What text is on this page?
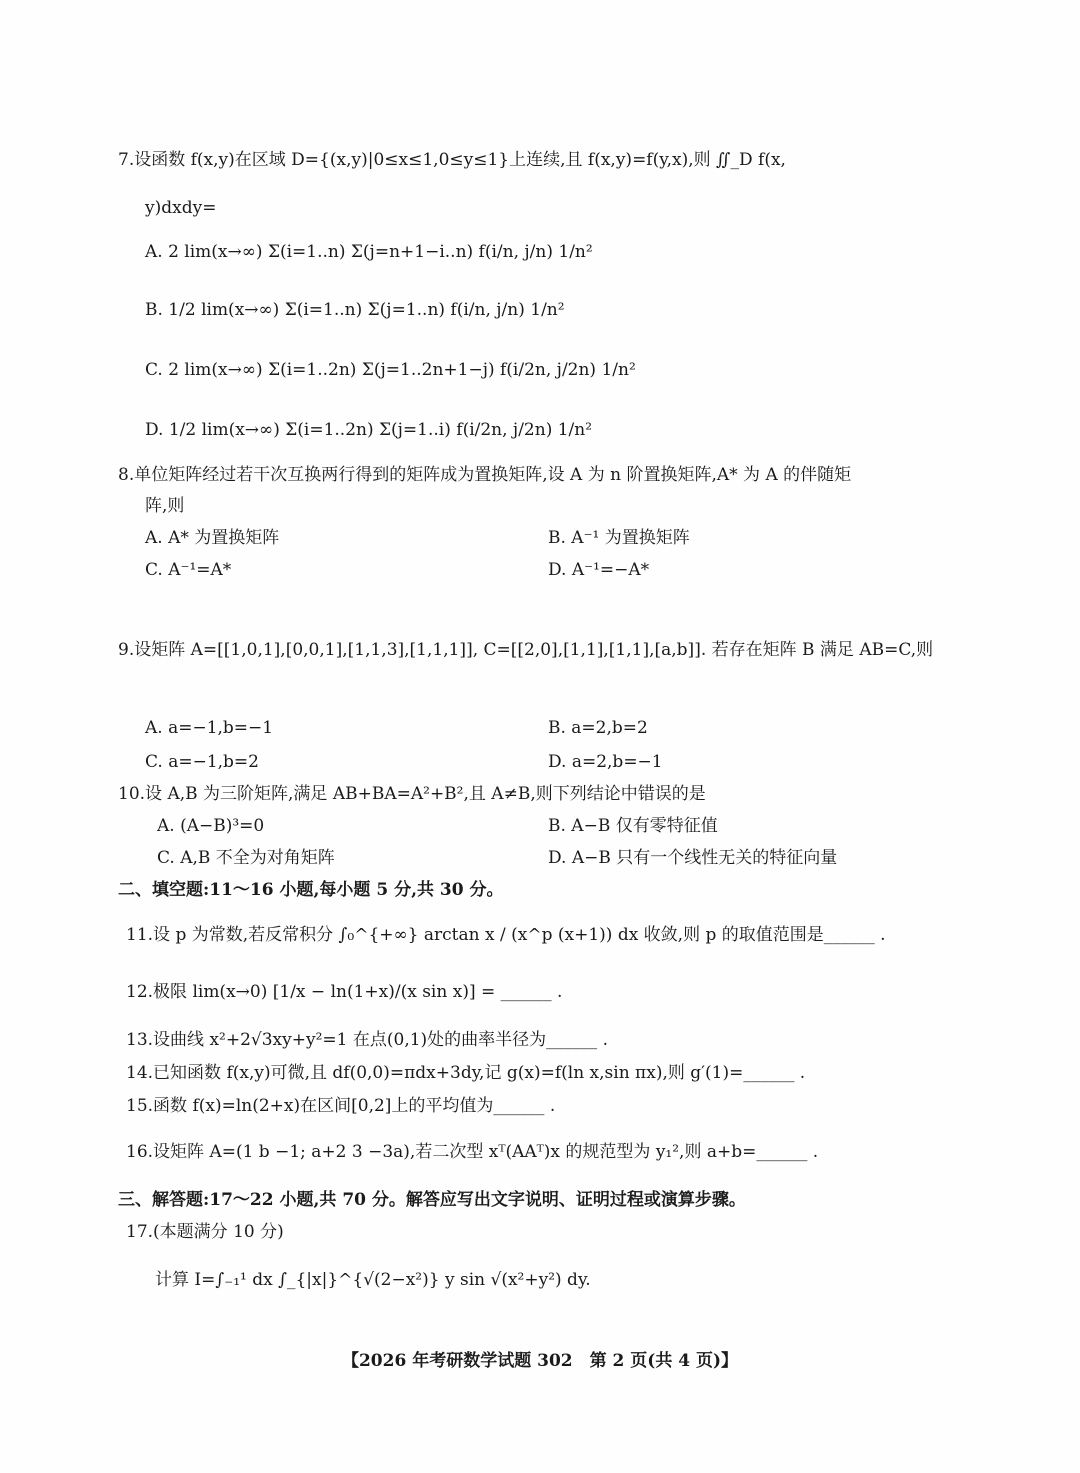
7.设函数 f(x,y)在区域 D={(x,y)|0≤x≤1,0≤y≤1}上连续,且 f(x,y)=f(y,x),则 ∬_D f(x,
y)dxdy=
A. 2 lim(x→∞) Σ(i=1..n) Σ(j=n+1−i..n) f(i/n, j/n) 1/n²
B. 1/2 lim(x→∞) Σ(i=1..n) Σ(j=1..n) f(i/n, j/n) 1/n²
C. 2 lim(x→∞) Σ(i=1..2n) Σ(j=1..2n+1−j) f(i/2n, j/2n) 1/n²
D. 1/2 lim(x→∞) Σ(i=1..2n) Σ(j=1..i) f(i/2n, j/2n) 1/n²
8.单位矩阵经过若干次互换两行得到的矩阵成为置换矩阵,设 A 为 n 阶置换矩阵,A* 为 A 的伴随矩
阵,则
A. A* 为置换矩阵	B. A⁻¹ 为置换矩阵
C. A⁻¹=A*	D. A⁻¹=−A*
9.设矩阵 A=[[1,0,1],[0,0,1],[1,1,3],[1,1,1]], C=[[2,0],[1,1],[1,1],[a,b]]. 若存在矩阵 B 满足 AB=C,则
A. a=−1,b=−1	B. a=2,b=2
C. a=−1,b=2	D. a=2,b=−1
10.设 A,B 为三阶矩阵,满足 AB+BA=A²+B²,且 A≠B,则下列结论中错误的是
A. (A−B)³=0	B. A−B 仅有零特征值
C. A,B 不全为对角矩阵	D. A−B 只有一个线性无关的特征向量
二、填空题:11～16 小题,每小题 5 分,共 30 分。
11.设 p 为常数,若反常积分 ∫₀^{+∞} arctan x / (x^p (x+1)) dx 收敛,则 p 的取值范围是______ .
12.极限 lim(x→0) [1/x − ln(1+x)/(x sin x)] = ______ .
13.设曲线 x²+2√3xy+y²=1 在点(0,1)处的曲率半径为______ .
14.已知函数 f(x,y)可微,且 df(0,0)=πdx+3dy,记 g(x)=f(ln x,sin πx),则 g′(1)=______ .
15.函数 f(x)=ln(2+x)在区间[0,2]上的平均值为______ .
16.设矩阵 A=(1 b −1; a+2 3 −3a),若二次型 xᵀ(AAᵀ)x 的规范型为 y₁²,则 a+b=______ .
三、解答题:17～22 小题,共 70 分。解答应写出文字说明、证明过程或演算步骤。
17.(本题满分 10 分)
计算 I=∫₋₁¹ dx ∫_{|x|}^{√(2−x²)} y sin √(x²+y²) dy.
【2026 年考研数学试题 302　第 2 页(共 4 页)】
